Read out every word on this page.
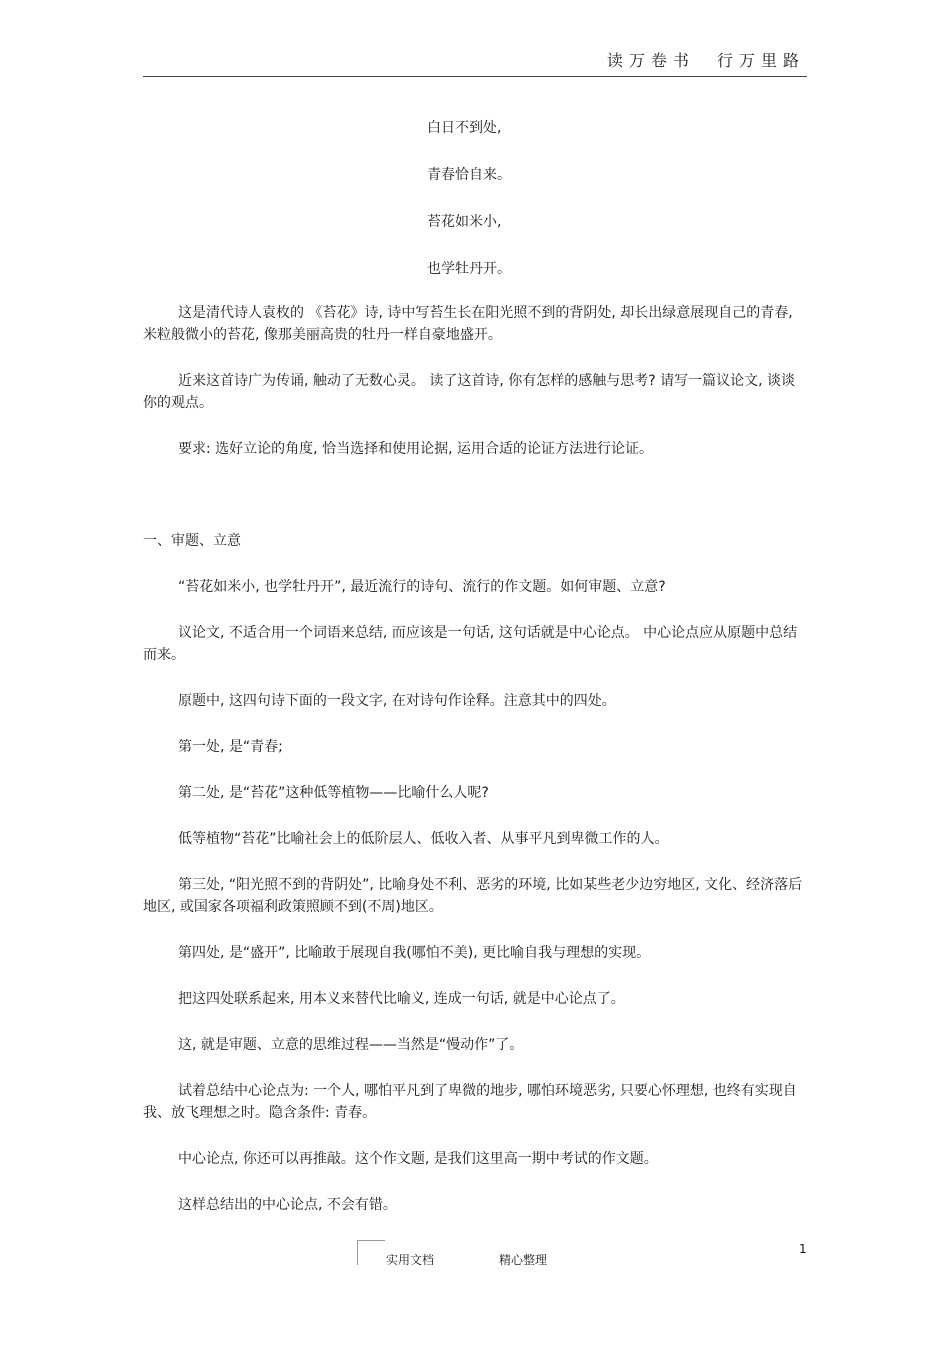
读万卷书  行万里路
白日不到处,
青春恰自来。
苔花如米小,
也学牡丹开。

这是清代诗人袁枚的 《苔花》诗, 诗中写苔生长在阳光照不到的背阴处, 却长出绿意展现自己的青春, 米粒般微小的苔花, 像那美丽高贵的牡丹一样自豪地盛开。

近来这首诗广为传诵, 触动了无数心灵。 读了这首诗, 你有怎样的感触与思考? 请写一篇议论文, 谈谈你的观点。

要求: 选好立论的角度, 恰当选择和使用论据, 运用合适的论证方法进行论证。

一、审题、立意

“苔花如米小, 也学牡丹开”, 最近流行的诗句、流行的作文题。如何审题、立意?

议论文, 不适合用一个词语来总结, 而应该是一句话, 这句话就是中心论点。 中心论点应从原题中总结而来。

原题中, 这四句诗下面的一段文字, 在对诗句作诠释。注意其中的四处。

第一处, 是“青春;

第二处, 是“苔花”这种低等植物——比喻什么人呢?

低等植物“苔花”比喻社会上的低阶层人、低收入者、从事平凡到卑微工作的人。

第三处, “阳光照不到的背阴处”, 比喻身处不利、恶劣的环境, 比如某些老少边穷地区, 文化、经济落后地区, 或国家各项福利政策照顾不到(不周)地区。

第四处, 是“盛开”, 比喻敢于展现自我(哪怕不美), 更比喻自我与理想的实现。

把这四处联系起来, 用本义来替代比喻义, 连成一句话, 就是中心论点了。

这, 就是审题、立意的思维过程——当然是“慢动作”了。

试着总结中心论点为: 一个人, 哪怕平凡到了卑微的地步, 哪怕环境恶劣, 只要心怀理想, 也终有实现自我、放飞理想之时。隐含条件: 青春。

中心论点, 你还可以再推敲。这个作文题, 是我们这里高一期中考试的作文题。

这样总结出的中心论点, 不会有错。

实用文档	精心整理
1
